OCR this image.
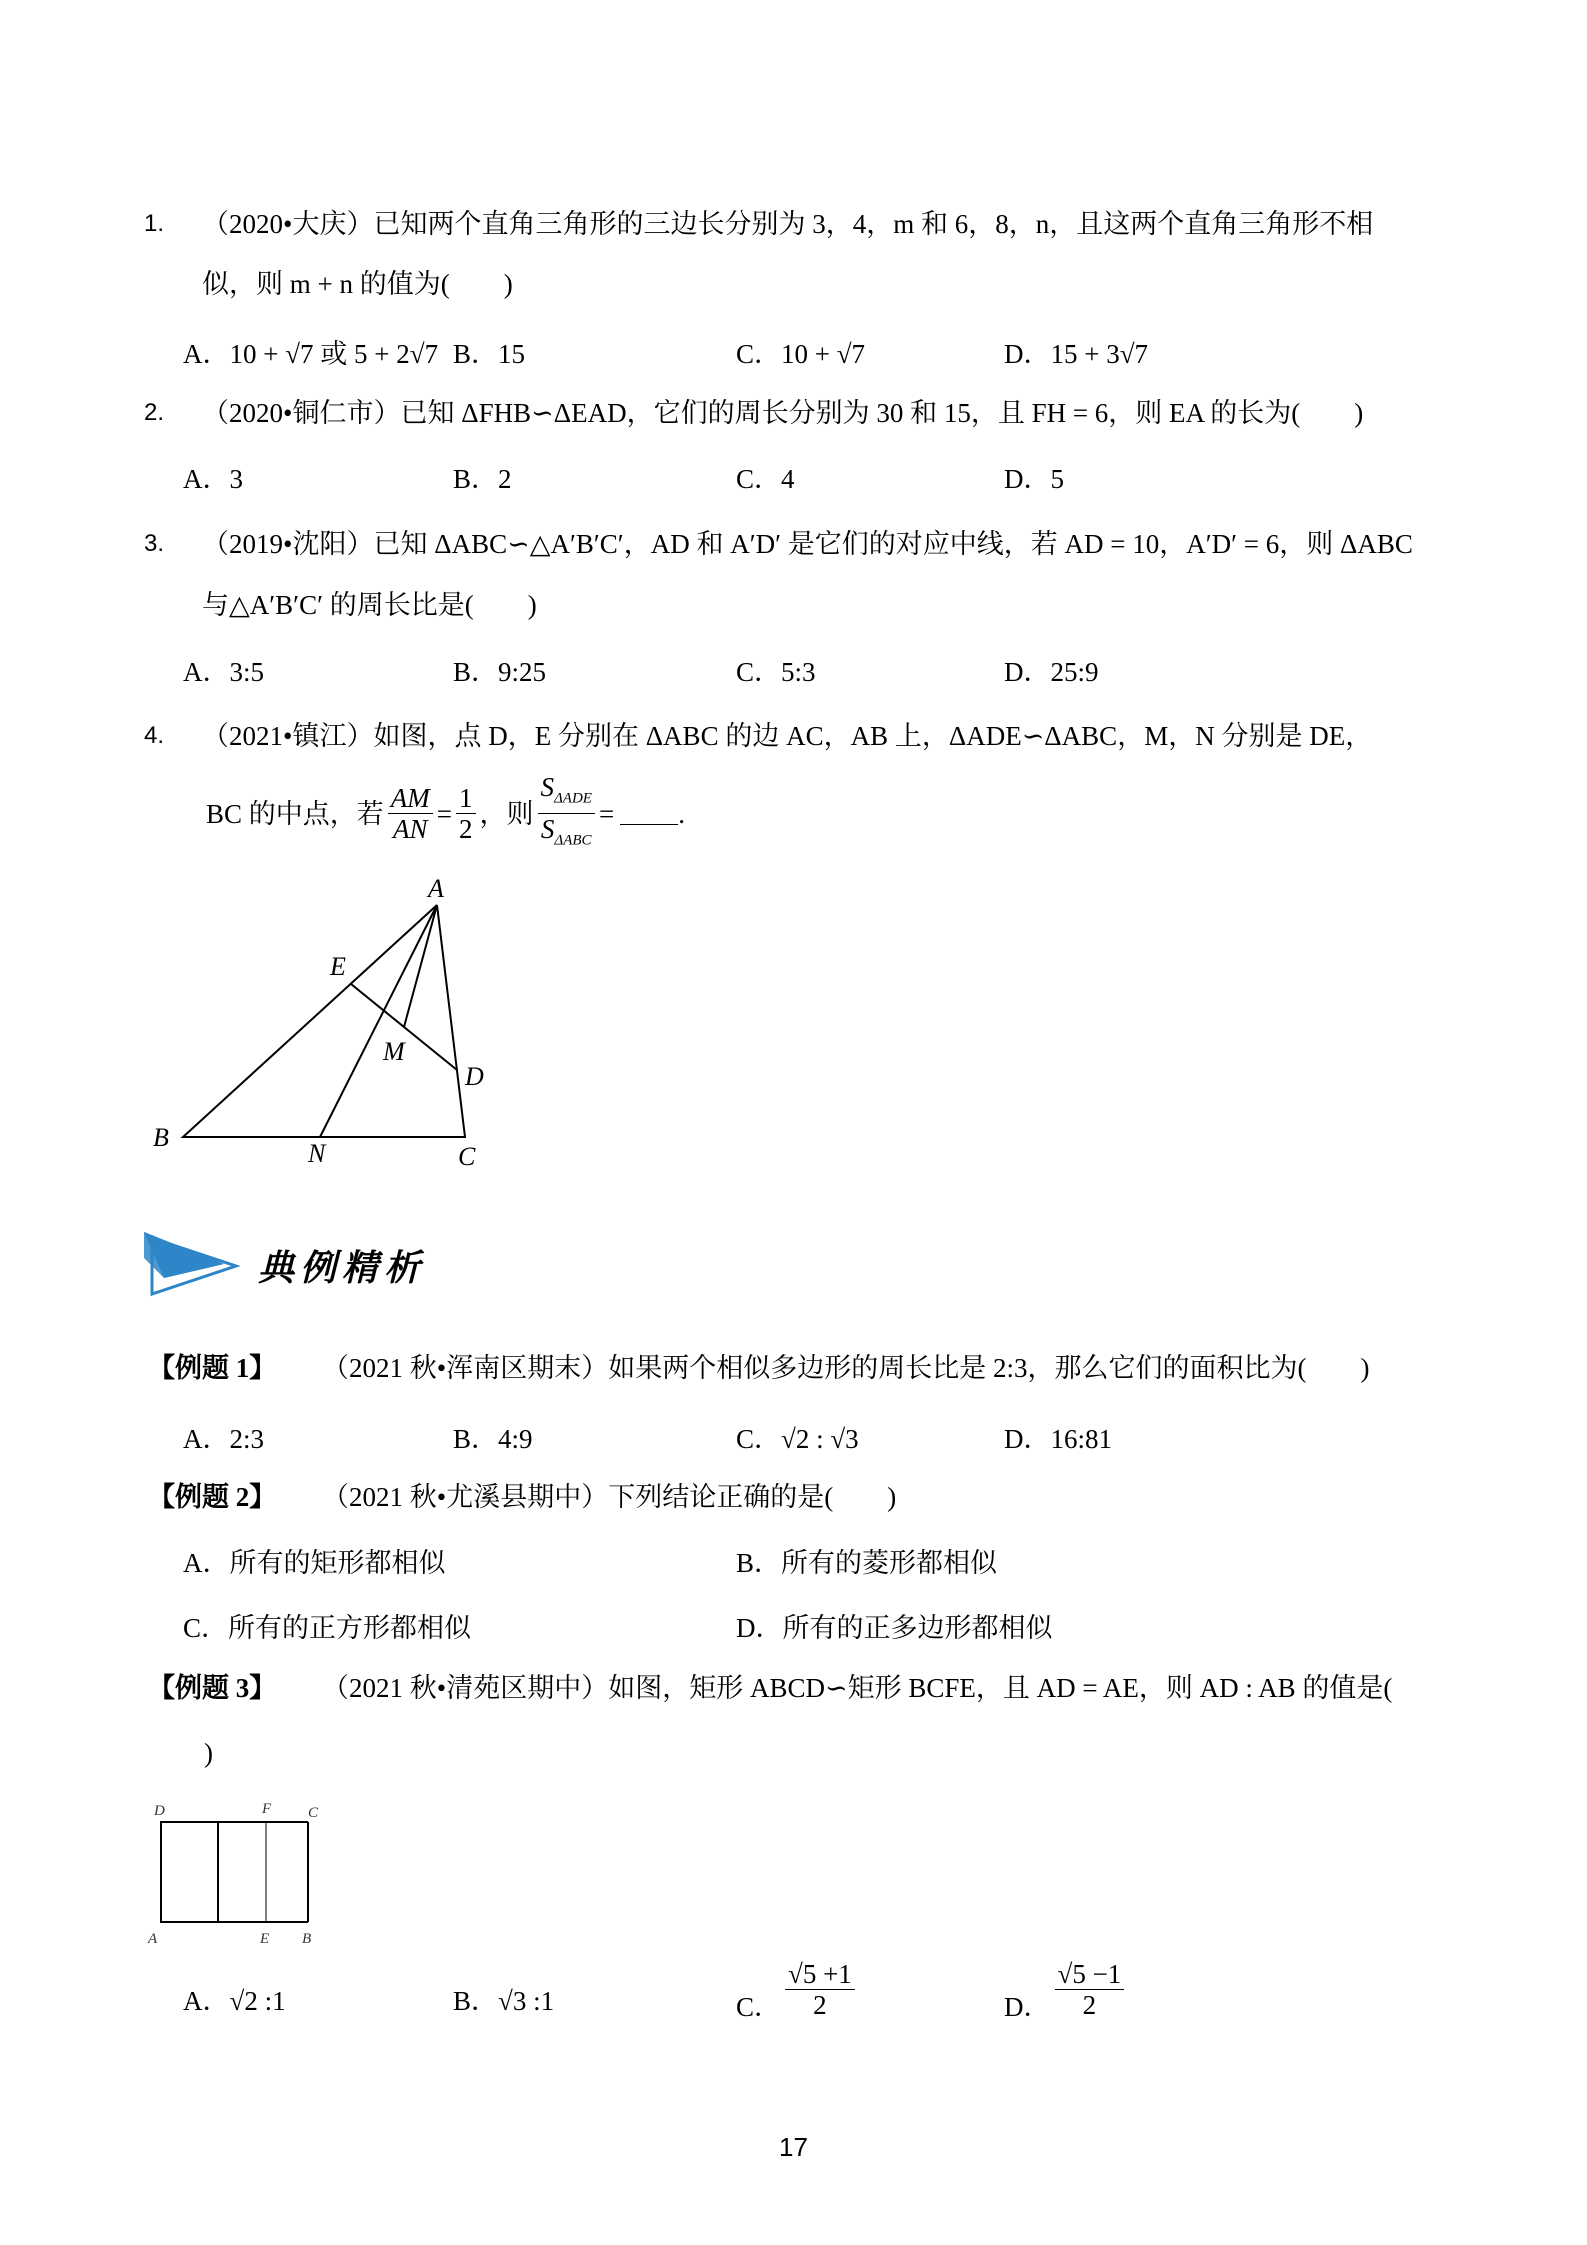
1. （2020•大庆）已知两个直角三角形的三边长分别为 3，4，m 和 6，8，n，且这两个直角三角形不相
似，则 m + n 的值为(　　)
A．10 + √7 或 5 + 2√7 B．15	C．10 + √7	D．15 + 3√7
2. （2020•铜仁市）已知 ΔFHB∽ΔEAD，它们的周长分别为 30 和 15，且 FH = 6，则 EA 的长为(　　)
A．3	B．2	C．4	D．5
3. （2019•沈阳）已知 ΔABC∽△A′B′C′，AD 和 A′D′ 是它们的对应中线，若 AD = 10，A′D′ = 6，则 ΔABC
与△A′B′C′ 的周长比是(　　)
A．3:5	B．9:25	C．5:3	D．25:9
4. （2021•镇江）如图，点 D，E 分别在 ΔABC 的边 AC，AB 上，ΔADE∽ΔABC，M，N 分别是 DE，
BC 的中点，若 $\frac{AM}{AN} = \frac{1}{2}$ ，则 $\frac{S_{\Delta ADE}}{S_{\Delta ABC}}$ = .
A
B
C
D
E
M
N
典例精析
【例题 1】 （2021 秋•浑南区期末）如果两个相似多边形的周长比是 2:3，那么它们的面积比为(　　)
A．2:3	B．4:9	C．√2 : √3	D．16:81
【例题 2】 （2021 秋•尤溪县期中）下列结论正确的是(　　)
A．所有的矩形都相似	B．所有的菱形都相似
C．所有的正方形都相似	D．所有的正多边形都相似
【例题 3】 （2021 秋•清苑区期中）如图，矩形 ABCD∽矩形 BCFE，且 AD = AE，则 AD : AB 的值是(
)
D	F C
A	E B
A．√2 :1	B．√3 :1	C． $\frac{√5 +1}{2}$	D． $\frac{√5 -1}{2}$
17
